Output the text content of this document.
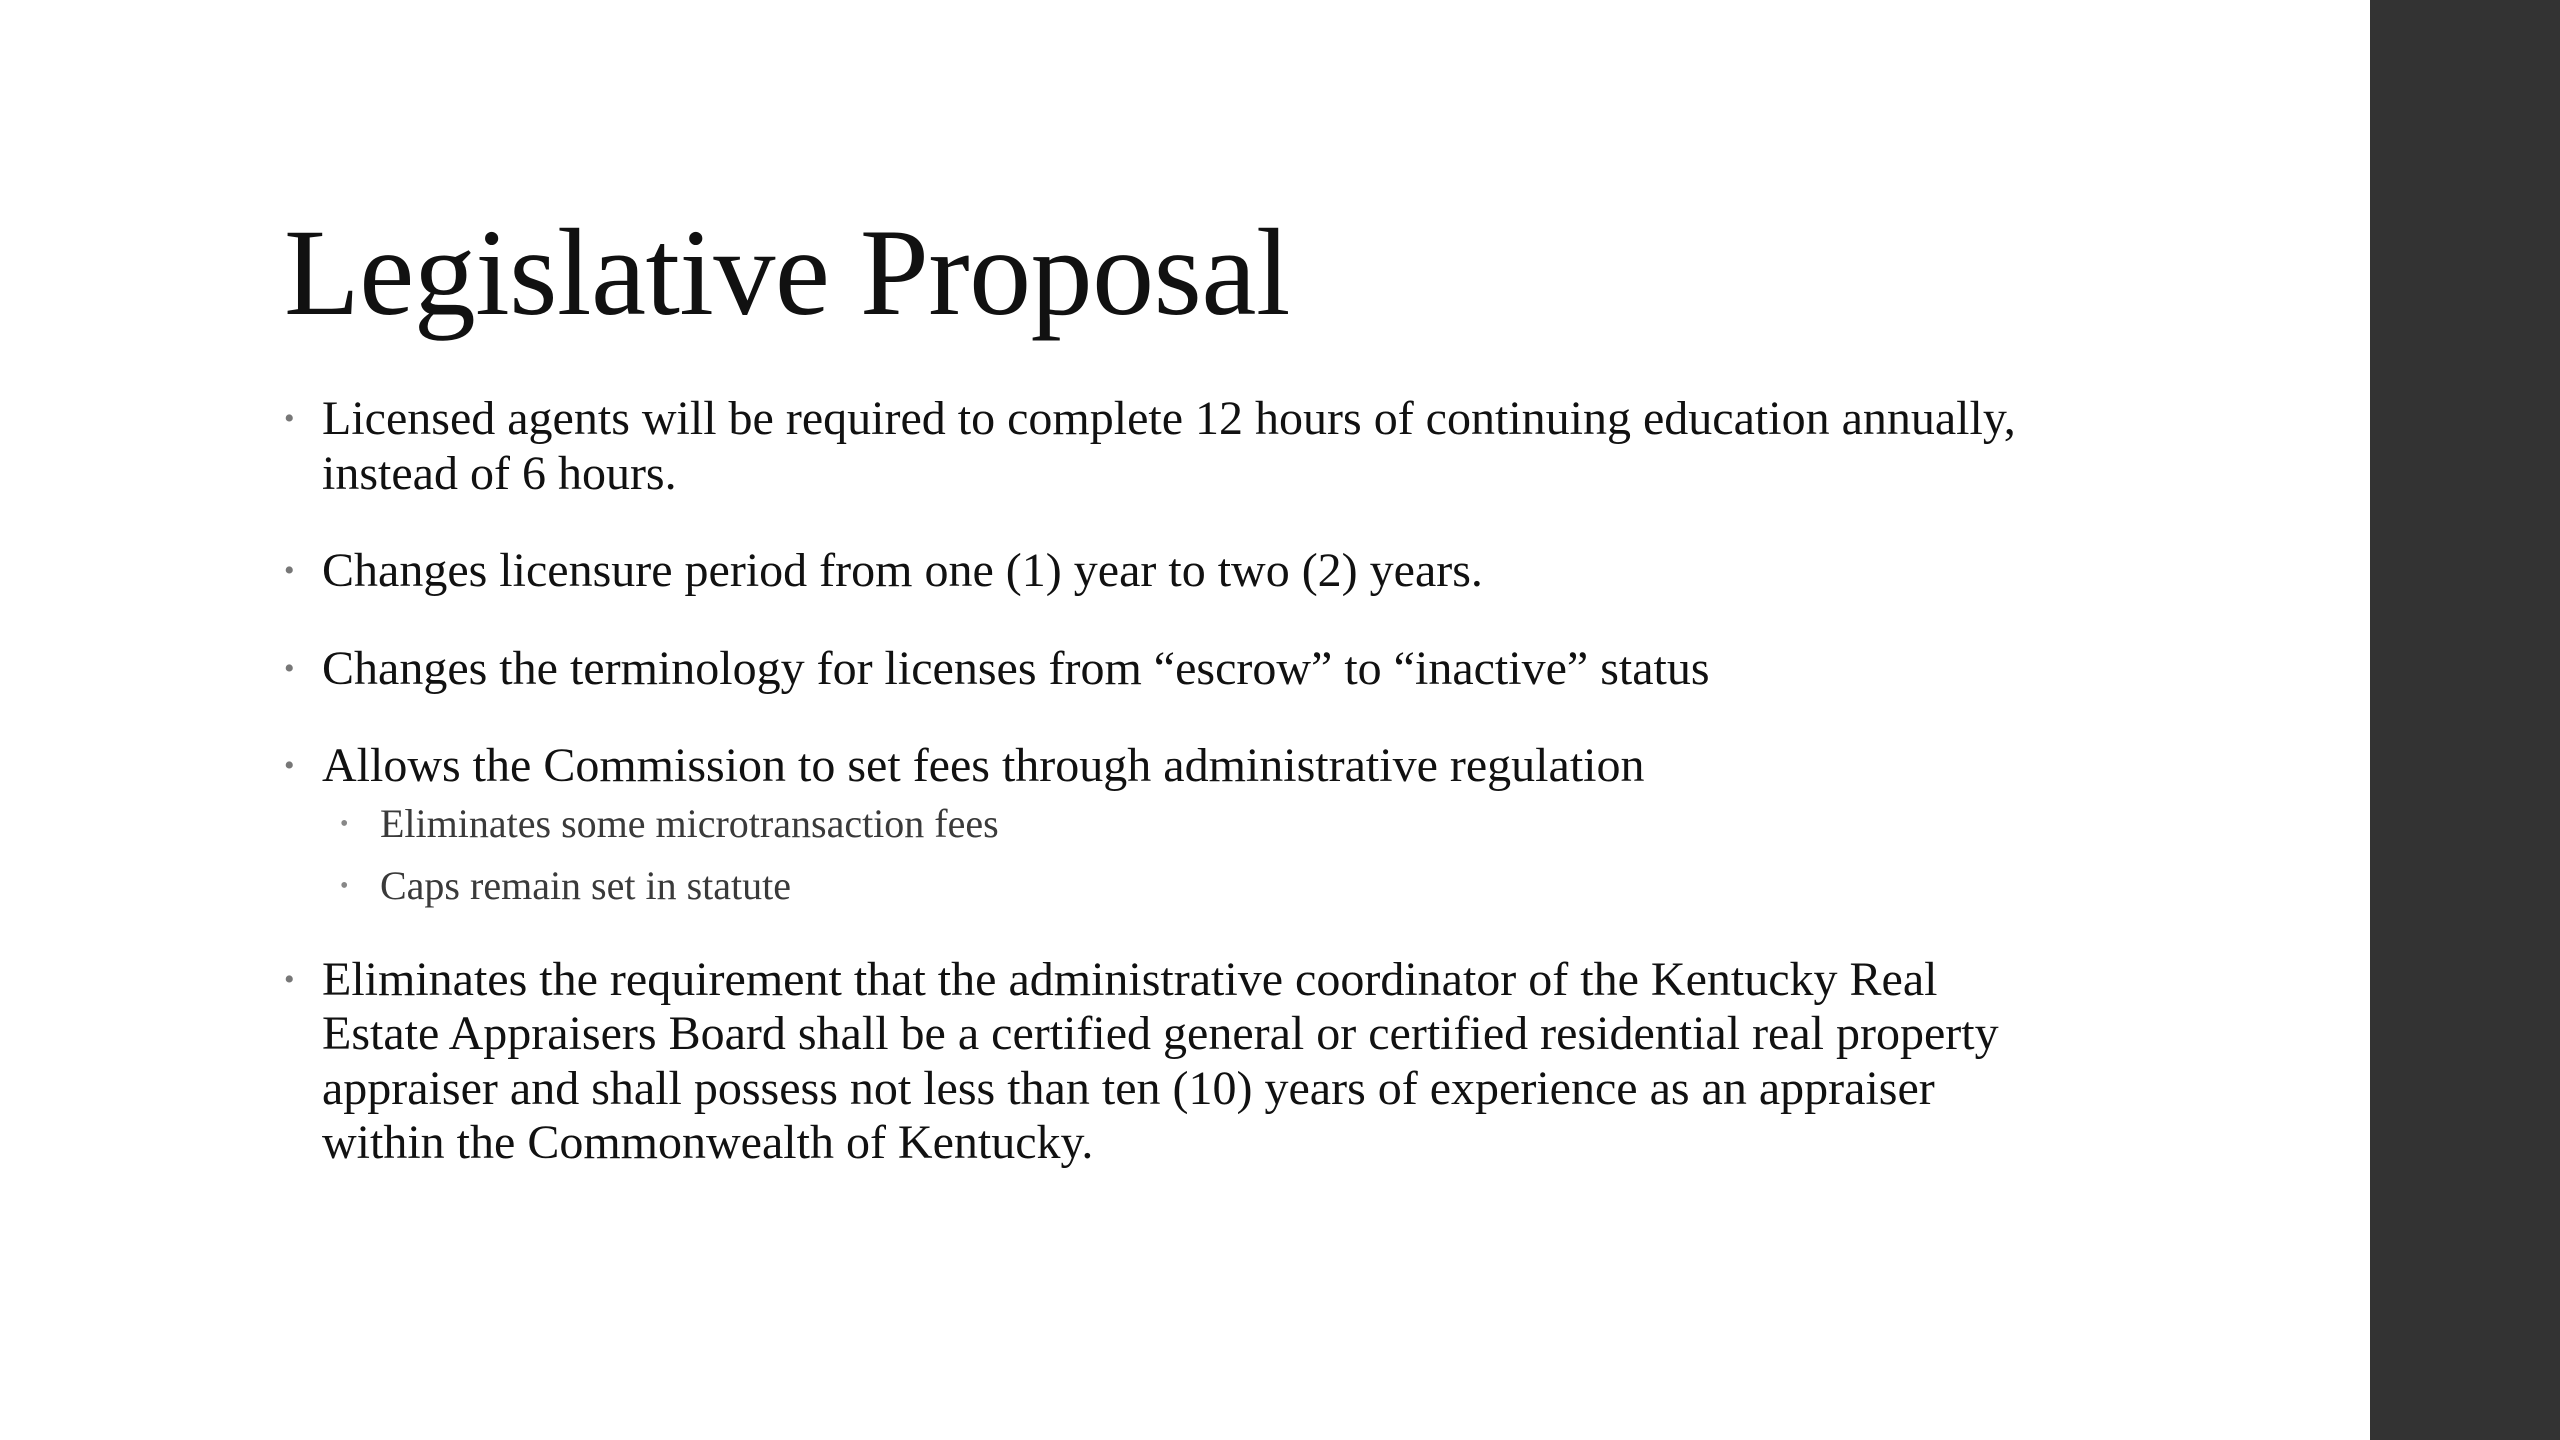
Legislative Proposal
• Licensed agents will be required to complete 12 hours of continuing education annually, instead of 6 hours.
• Changes licensure period from one (1) year to two (2) years.
• Changes the terminology for licenses from “escrow” to “inactive” status
• Allows the Commission to set fees through administrative regulation
• Eliminates some microtransaction fees
• Caps remain set in statute
• Eliminates the requirement that the administrative coordinator of the Kentucky Real Estate Appraisers Board shall be a certified general or certified residential real property appraiser and shall possess not less than ten (10) years of experience as an appraiser within the Commonwealth of Kentucky.
